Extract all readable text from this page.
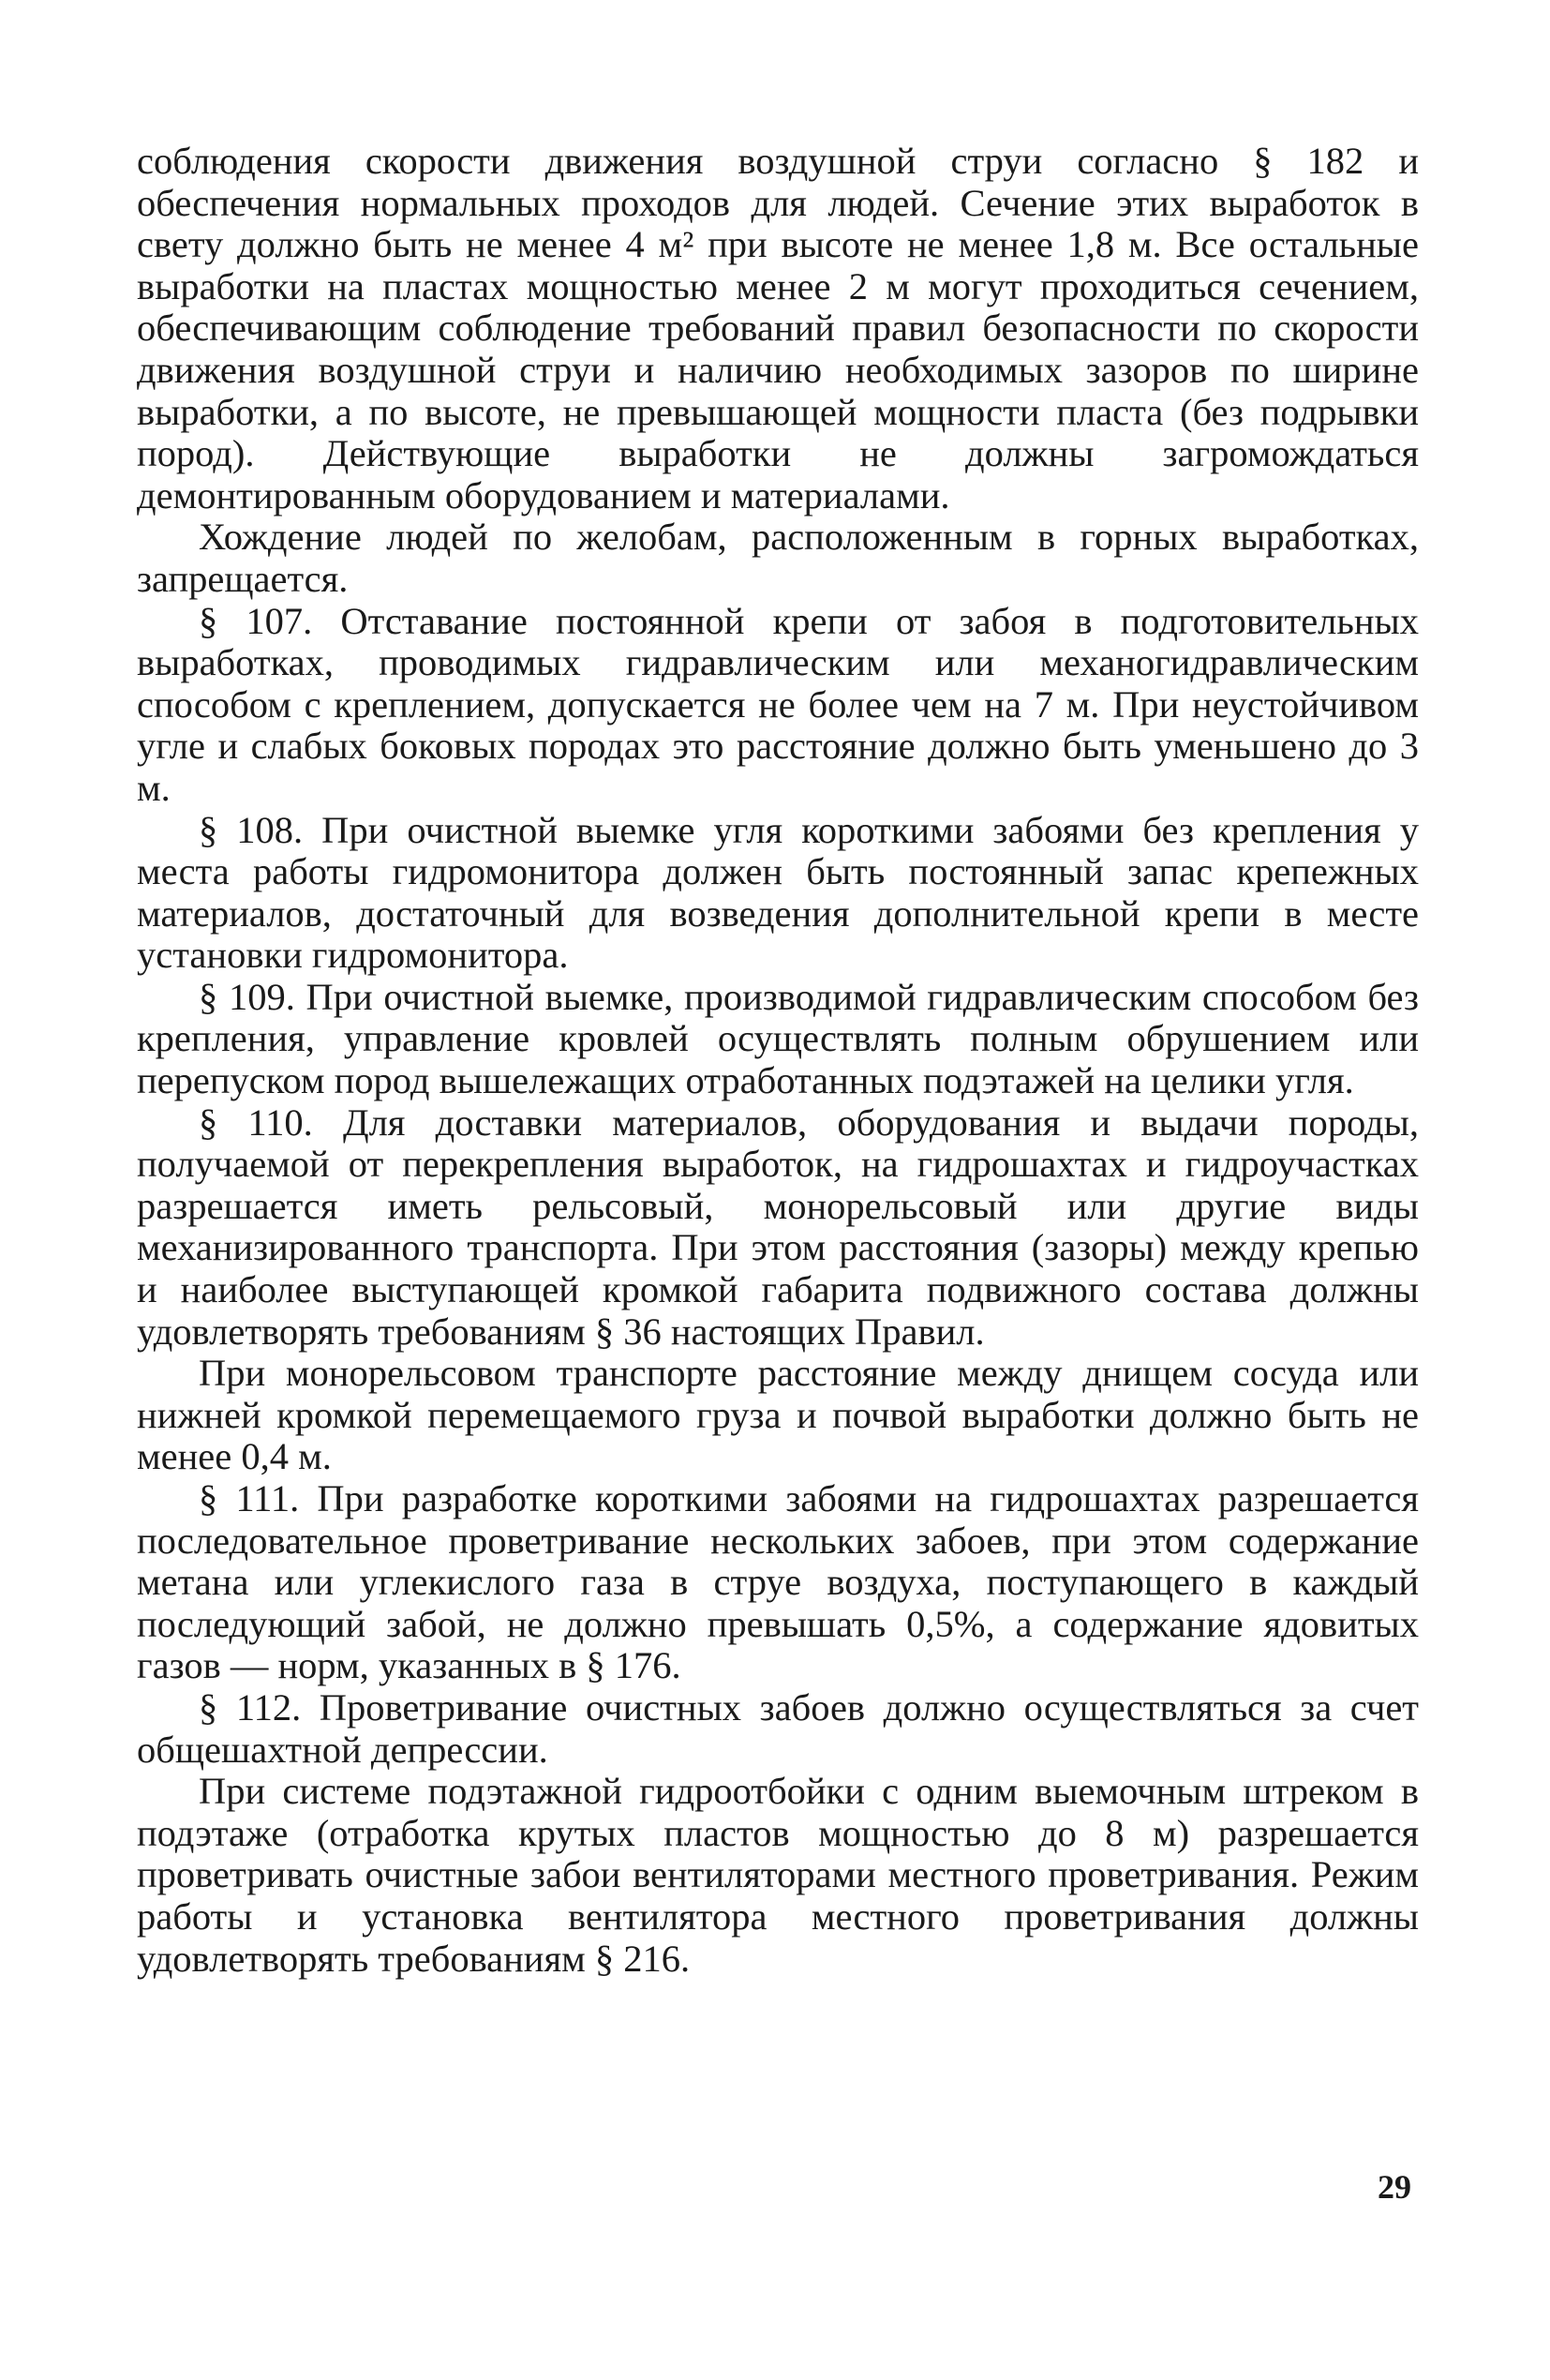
соблюдения скорости движения воздушной струи согласно § 182 и обеспечения нормальных проходов для людей. Сечение этих выработок в свету должно быть не менее 4 м² при высоте не менее 1,8 м. Все остальные выработки на пластах мощностью менее 2 м могут проходиться сечением, обеспечивающим соблюдение требований правил безопасности по скорости движения воздушной струи и наличию необходимых зазоров по ширине выработки, а по высоте, не превышающей мощности пласта (без подрывки пород). Действующие выработки не должны загромождаться демонтированным оборудованием и материалами.

Хождение людей по желобам, расположенным в горных выработках, запрещается.

§ 107. Отставание постоянной крепи от забоя в подготовительных выработках, проводимых гидравлическим или механогидравлическим способом с креплением, допускается не более чем на 7 м. При неустойчивом угле и слабых боковых породах это расстояние должно быть уменьшено до 3 м.

§ 108. При очистной выемке угля короткими забоями без крепления у места работы гидромонитора должен быть постоянный запас крепежных материалов, достаточный для возведения дополнительной крепи в месте установки гидромонитора.

§ 109. При очистной выемке, производимой гидравлическим способом без крепления, управление кровлей осуществлять полным обрушением или перепуском пород вышележащих отработанных подэтажей на целики угля.

§ 110. Для доставки материалов, оборудования и выдачи породы, получаемой от перекрепления выработок, на гидрошахтах и гидроучастках разрешается иметь рельсовый, монорельсовый или другие виды механизированного транспорта. При этом расстояния (зазоры) между крепью и наиболее выступающей кромкой габарита подвижного состава должны удовлетворять требованиям § 36 настоящих Правил.

При монорельсовом транспорте расстояние между днищем сосуда или нижней кромкой перемещаемого груза и почвой выработки должно быть не менее 0,4 м.

§ 111. При разработке короткими забоями на гидрошахтах разрешается последовательное проветривание нескольких забоев, при этом содержание метана или углекислого газа в струе воздуха, поступающего в каждый последующий забой, не должно превышать 0,5%, а содержание ядовитых газов — норм, указанных в § 176.

§ 112. Проветривание очистных забоев должно осуществляться за счет общешахтной депрессии.

При системе подэтажной гидроотбойки с одним выемочным штреком в подэтаже (отработка крутых пластов мощностью до 8 м) разрешается проветривать очистные забои вентиляторами местного проветривания. Режим работы и установка вентилятора местного проветривания должны удовлетворять требованиям § 216.

29
